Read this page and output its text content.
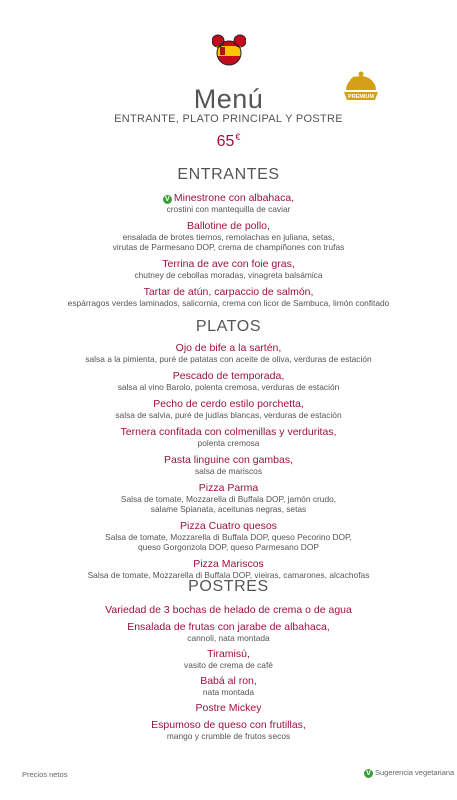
PREMIUM
Menú
ENTRANTE, PLATO PRINCIPAL Y POSTRE
65€
ENTRANTES
V Minestrone con albahaca,
crostini con mantequilla de caviar
Ballotine de pollo,
ensalada de brotes tiernos, remolachas en juliana, setas,
virutas de Parmesano DOP, crema de champiñones con trufas
Terrina de ave con foie gras,
chutney de cebollas moradas, vinagreta balsámica
Tartar de atún, carpaccio de salmón,
espárragos verdes laminados, salicornia, crema con licor de Sambuca, limón confitado
PLATOS
Ojo de bife a la sartén,
salsa a la pimienta, puré de patatas con aceite de oliva, verduras de estación
Pescado de temporada,
salsa al vino Barolo, polenta cremosa, verduras de estación
Pecho de cerdo estilo porchetta,
salsa de salvia, puré de judías blancas, verduras de estación
Ternera confitada con colmenillas y verduritas,
polenta cremosa
Pasta linguine con gambas,
salsa de mariscos
Pizza Parma
Salsa de tomate, Mozzarella di Buffala DOP, jamón crudo,
salame Spianata, aceitunas negras, setas
Pizza Cuatro quesos
Salsa de tomate, Mozzarella di Buffala DOP, queso Pecorino DOP,
queso Gorgonzola DOP, queso Parmesano DOP
Pizza Mariscos
Salsa de tomate, Mozzarella di Buffala DOP, vieiras, camarones, alcachofas
POSTRES
Variedad de 3 bochas de helado de crema o de agua
Ensalada de frutas con jarabe de albahaca,
cannoli, nata montada
Tiramisù,
vasito de crema de café
Babá al ron,
nata montada
Postre Mickey
Espumoso de queso con frutillas,
mango y crumble de frutos secos
Precios netos	V Sugerencia vegetariana
